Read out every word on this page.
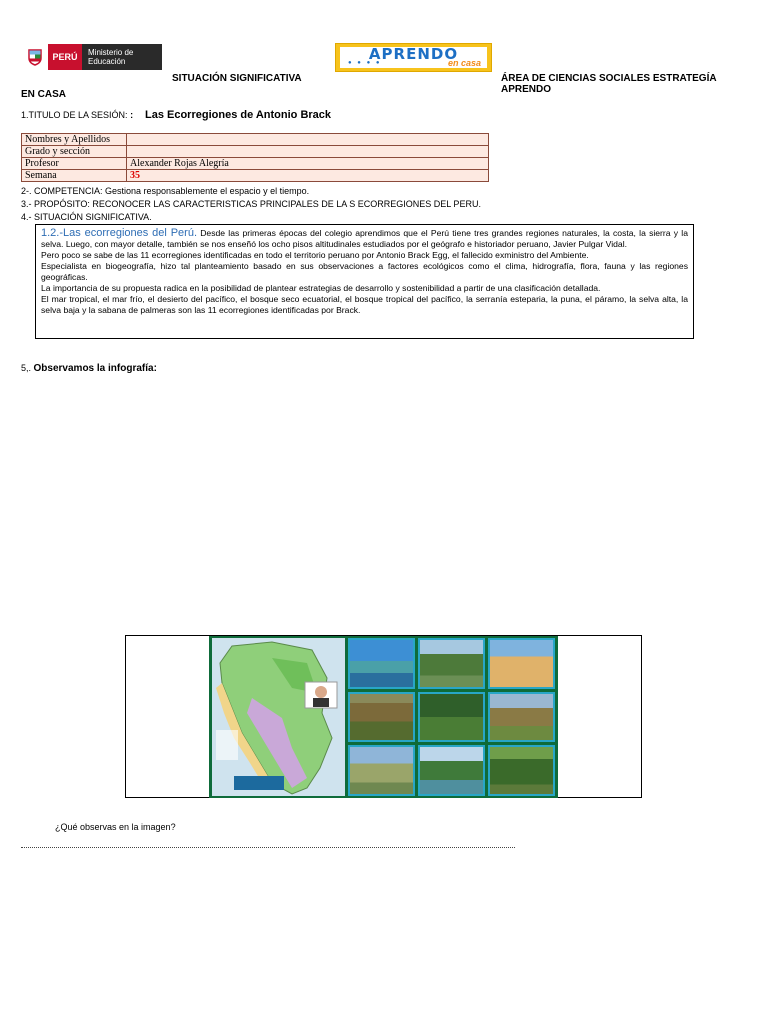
PERÚ	Ministerio de Educación	APRENDO
● ● ● ●	en casa
SITUACIÓN SIGNIFICATIVA	ÁREA DE CIENCIAS SOCIALES ESTRATEGÍA APRENDO
EN CASA
1.TITULO DE LA SESIÓN: : Las Ecorregiones de Antonio Brack
Nombres y Apellidos	
Grado y sección	
Profesor	Alexander Rojas Alegría
Semana	35
2-. COMPETENCIA: Gestiona responsablemente el espacio y el tiempo.
3.- PROPÓSITO: RECONOCER LAS CARACTERISTICAS PRINCIPALES DE LA S ECORREGIONES DEL PERU.
4.- SITUACIÓN SIGNIFICATIVA.
1.2.-Las ecorregiones del Perú. Desde las primeras épocas del colegio aprendimos que el Perú tiene tres grandes regiones naturales, la costa, la sierra y la selva. Luego, con mayor detalle, también se nos enseñó los ocho pisos altitudinales estudiados por el geógrafo e historiador peruano, Javier Pulgar Vidal.
Pero poco se sabe de las 11 ecorregiones identificadas en todo el territorio peruano por Antonio Brack Egg, el fallecido exministro del Ambiente.
Especialista en biogeografía, hizo tal planteamiento basado en sus observaciones a factores ecológicos como el clima, hidrografía, flora, fauna y las regiones geográficas.
La importancia de su propuesta radica en la posibilidad de plantear estrategias de desarrollo y sostenibilidad a partir de una clasificación detallada.
El mar tropical, el mar frío, el desierto del pacífico, el bosque seco ecuatorial, el bosque tropical del pacífico, la serranía esteparia, la puna, el páramo, la selva alta, la selva baja y la sabana de palmeras son las 11 ecorregiones identificadas por Brack.
5,. Observamos la infografía:
¿Qué observas en la imagen?
